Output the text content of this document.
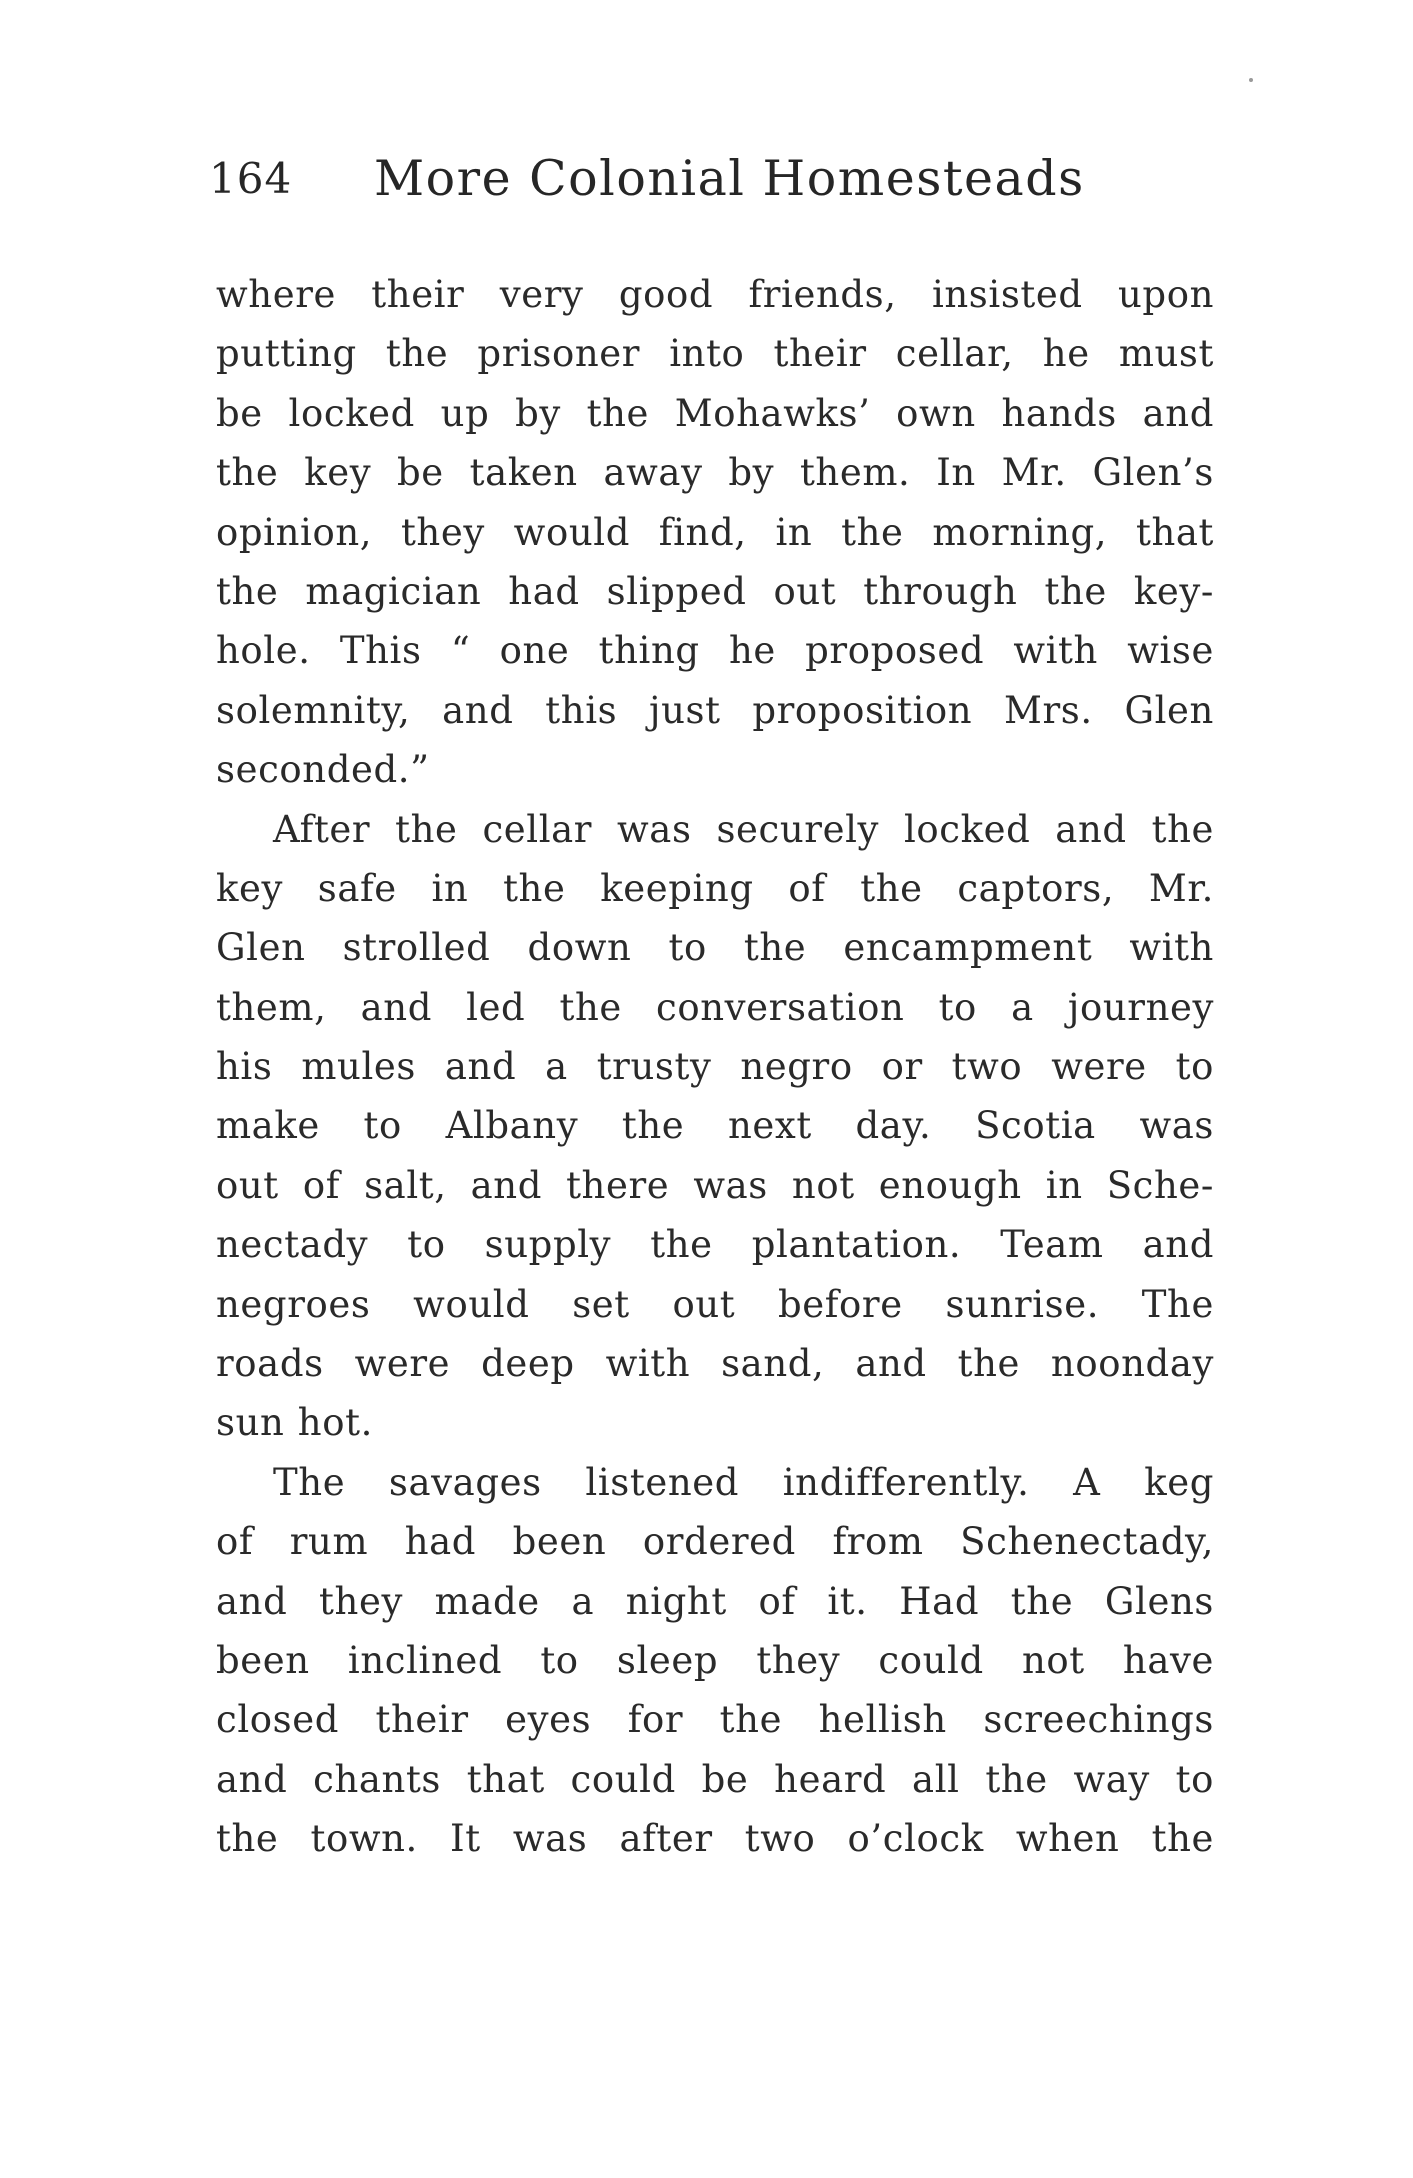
164 More Colonial Homesteads
where their very good friends, insisted upon
putting the prisoner into their cellar, he must
be locked up by the Mohawks’ own hands and
the key be taken away by them. In Mr. Glen’s
opinion, they would find, in the morning, that
the magician had slipped out through the key-
hole. This “ one thing he proposed with wise
solemnity, and this just proposition Mrs. Glen
seconded.”
After the cellar was securely locked and the
key safe in the keeping of the captors, Mr.
Glen strolled down to the encampment with
them, and led the conversation to a journey
his mules and a trusty negro or two were to
make to Albany the next day. Scotia was
out of salt, and there was not enough in Sche-
nectady to supply the plantation. Team and
negroes would set out before sunrise. The
roads were deep with sand, and the noonday
sun hot.
The savages listened indifferently. A keg
of rum had been ordered from Schenectady,
and they made a night of it. Had the Glens
been inclined to sleep they could not have
closed their eyes for the hellish screechings
and chants that could be heard all the way to
the town. It was after two o’clock when the
